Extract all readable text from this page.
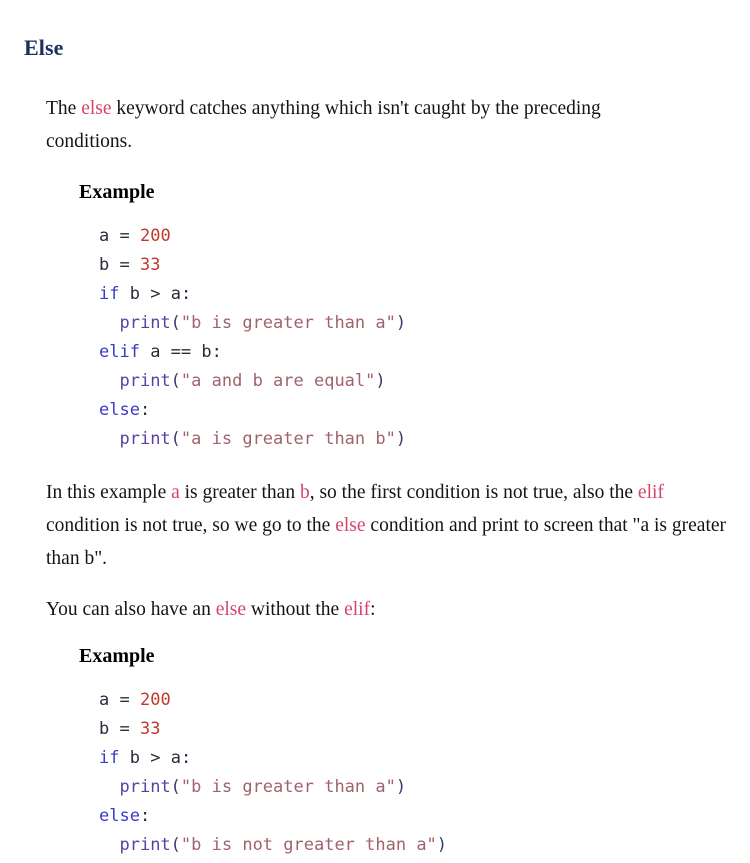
Else

The else keyword catches anything which isn't caught by the preceding conditions.

Example
a = 200
b = 33
if b > a:
print("b is greater than a")
elif a == b:
print("a and b are equal")
else:
print("a is greater than b")

In this example a is greater than b, so the first condition is not true, also the elif condition is not true, so we go to the else condition and print to screen that "a is greater than b".

You can also have an else without the elif:

Example
a = 200
b = 33
if b > a:
print("b is greater than a")
else:
print("b is not greater than a")
